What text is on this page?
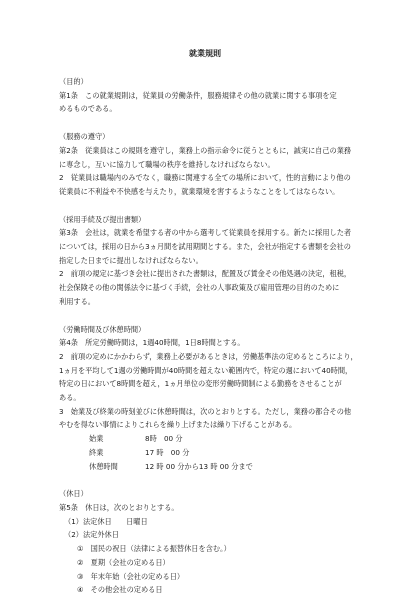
就業規則

（目的）

第1条　この就業規則は，従業員の労働条件，服務規律その他の就業に関する事項を定

めるものである。

（服務の遵守）

第2条　従業員はこの規則を遵守し，業務上の指示命令に従うとともに，誠実に自己の業務

に専念し，互いに協力して職場の秩序を維持しなければならない。

2　従業員は職場内のみでなく，職務に関連する全ての場所において，性的言動により他の

従業員に不利益や不快感を与えたり，就業環境を害するようなことをしてはならない。

（採用手続及び提出書類）

第3条　会社は，就業を希望する者の中から選考して従業員を採用する。新たに採用した者

については，採用の日から3ヵ月間を試用期間とする。また，会社が指定する書類を会社の

指定した日までに提出しなければならない。

2　前項の規定に基づき会社に提出された書類は，配置及び賃金その他処遇の決定，租税，

社会保険その他の関係法令に基づく手続，会社の人事政策及び雇用管理の目的のために

利用する。

（労働時間及び休憩時間）

第4条　所定労働時間は，1週40時間，1日8時間とする。

2　前項の定めにかかわらず，業務上必要があるときは，労働基準法の定めるところにより，

1ヵ月を平均して1週の労働時間が40時間を超えない範囲内で，特定の週において40時間，

特定の日において8時間を超え，1ヵ月単位の変形労働時間制による勤務をさせることが

ある。

3　始業及び終業の時刻並びに休憩時間は，次のとおりとする。ただし，業務の都合その他

やむを得ない事情によりこれらを繰り上げまたは繰り下げることがある。

始業	8時　00 分
終業	17 時　00 分
休憩時間	12 時 00 分から13 時 00 分まで

（休日）

第5条　休日は，次のとおりとする。

（1）法定休日　　日曜日

（2）法定外休日

①　国民の祝日（法律による振替休日を含む。）

②　夏期（会社の定める日）

③　年末年始（会社の定める日）

④　その他会社の定める日
